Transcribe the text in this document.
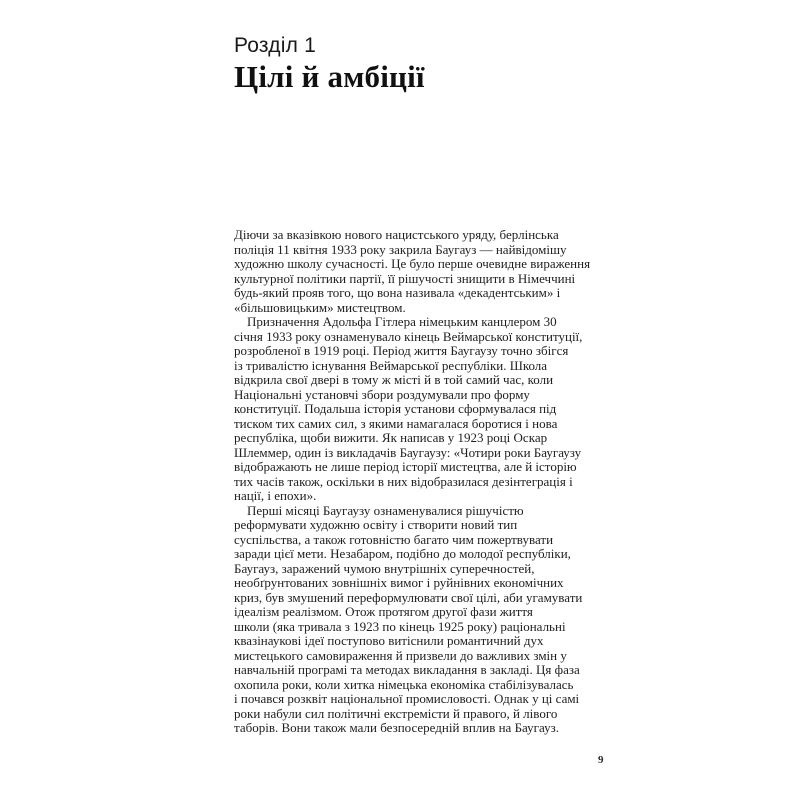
Розділ 1
Цілі й амбіції

Діючи за вказівкою нового нацистського уряду, берлінська
поліція 11 квітня 1933 року закрила Баугауз — найвідомішу
художню школу сучасності. Це було перше очевидне вираження
культурної політики партії, її рішучості знищити в Німеччині
будь-який прояв того, що вона називала «декадентським» і
«більшовицьким» мистецтвом.

Призначення Адольфа Гітлера німецьким канцлером 30
січня 1933 року ознаменувало кінець Веймарської конституції,
розробленої в 1919 році. Період життя Баугаузу точно збігся
із тривалістю існування Веймарської республіки. Школа
відкрила свої двері в тому ж місті й в той самий час, коли
Національні установчі збори роздумували про форму
конституції. Подальша історія установи сформувалася під
тиском тих самих сил, з якими намагалася боротися і нова
республіка, щоби вижити. Як написав у 1923 році Оскар
Шлеммер, один із викладачів Баугаузу: «Чотири роки Баугаузу
відображають не лише період історії мистецтва, але й історію
тих часів також, оскільки в них відобразилася дезінтеграція і
нації, і епохи».

Перші місяці Баугаузу ознаменувалися рішучістю
реформувати художню освіту і створити новий тип
суспільства, а також готовністю багато чим пожертвувати
заради цієї мети. Незабаром, подібно до молодої республіки,
Баугауз, заражений чумою внутрішніх суперечностей,
необґрунтованих зовнішніх вимог і руйнівних економічних
криз, був змушений переформулювати свої цілі, аби угамувати
ідеалізм реалізмом. Отож протягом другої фази життя
школи (яка тривала з 1923 по кінець 1925 року) раціональні
квазінаукові ідеї поступово витіснили романтичний дух
мистецького самовираження й призвели до важливих змін у
навчальній програмі та методах викладання в закладі. Ця фаза
охопила роки, коли хитка німецька економіка стабілізувалась
і почався розквіт національної промисловості. Однак у ці самі
роки набули сил політичні екстремісти й правого, й лівого
таборів. Вони також мали безпосередній вплив на Баугауз.

9
